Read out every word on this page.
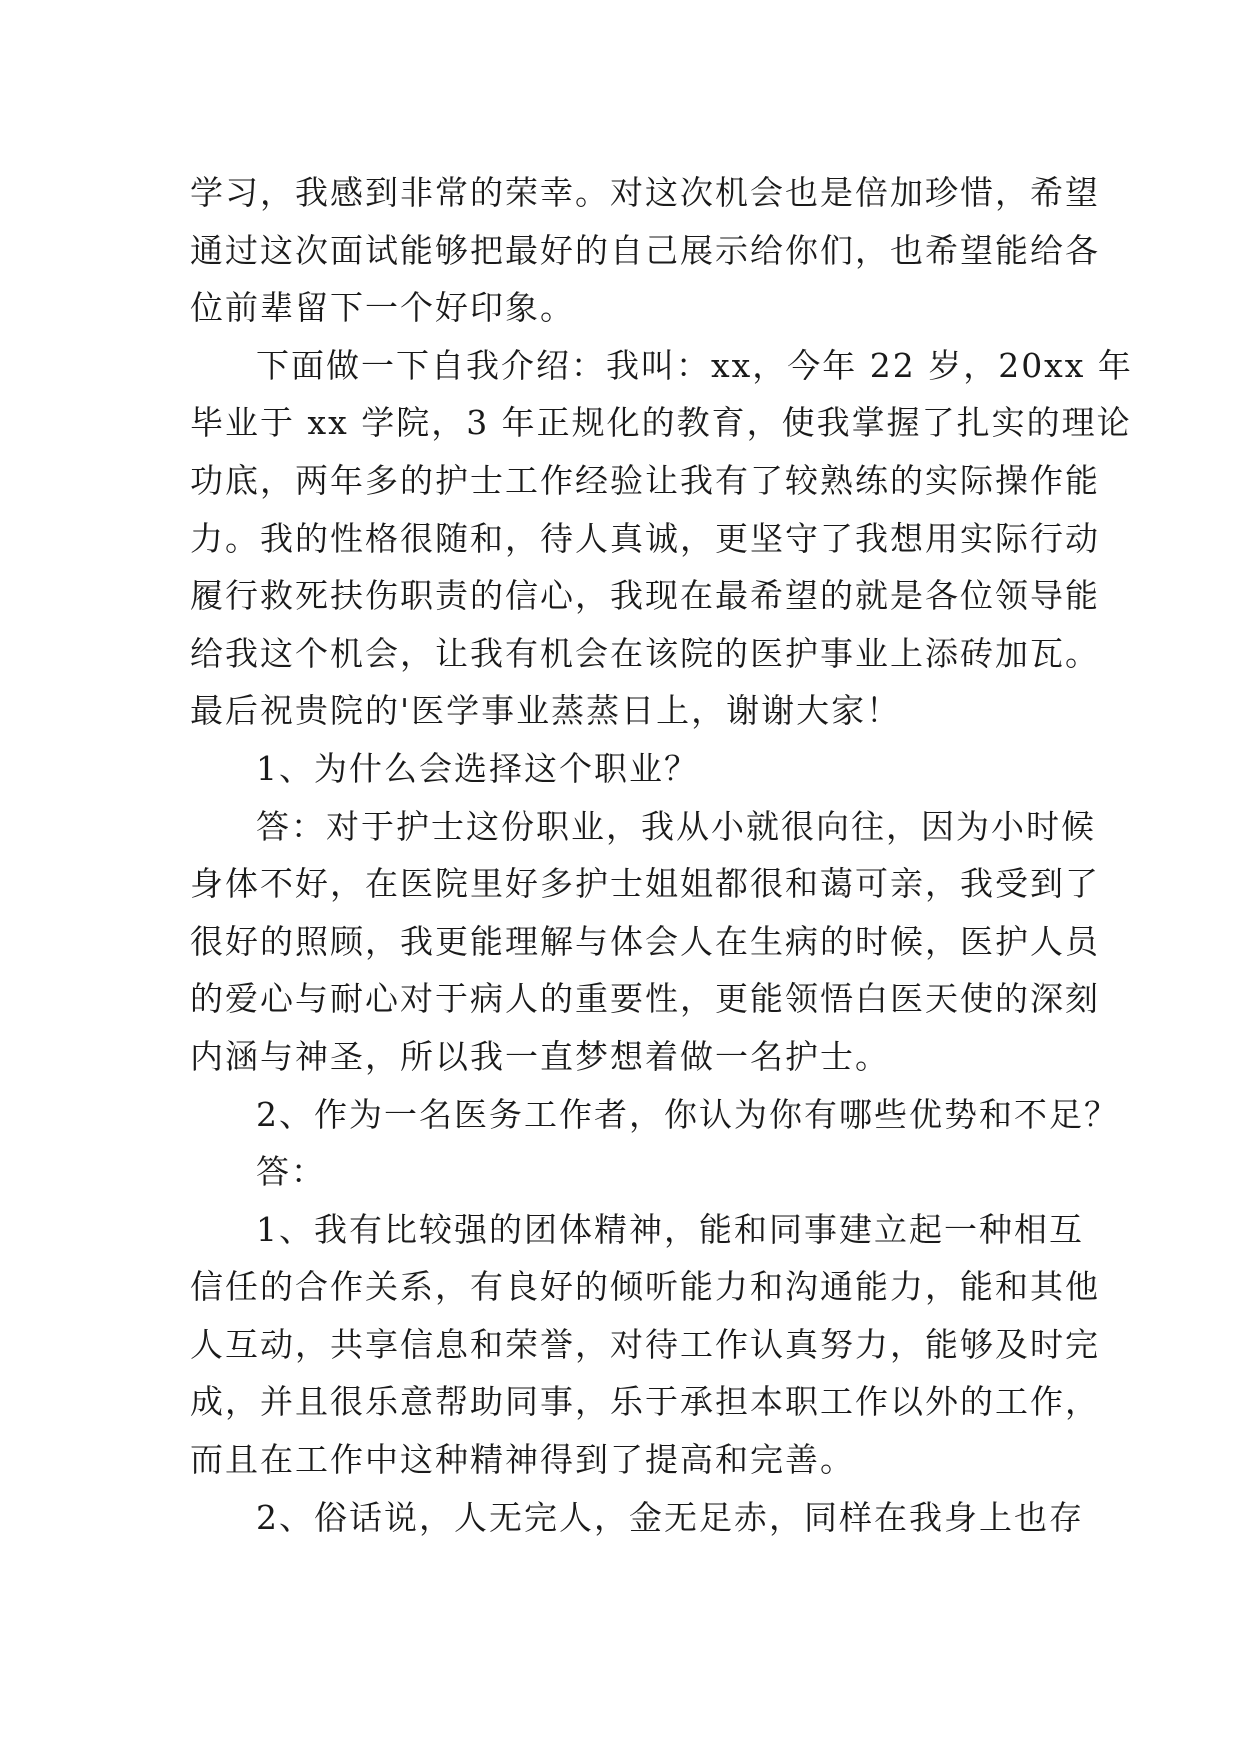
学习，我感到非常的荣幸。对这次机会也是倍加珍惜，希望
通过这次面试能够把最好的自己展示给你们，也希望能给各
位前辈留下一个好印象。
下面做一下自我介绍：我叫：xx，今年 22 岁，20xx 年
毕业于 xx 学院，3 年正规化的教育，使我掌握了扎实的理论
功底，两年多的护士工作经验让我有了较熟练的实际操作能
力。我的性格很随和，待人真诚，更坚守了我想用实际行动
履行救死扶伤职责的信心，我现在最希望的就是各位领导能
给我这个机会，让我有机会在该院的医护事业上添砖加瓦。
最后祝贵院的'医学事业蒸蒸日上，谢谢大家！
1、为什么会选择这个职业？
答：对于护士这份职业，我从小就很向往，因为小时候
身体不好，在医院里好多护士姐姐都很和蔼可亲，我受到了
很好的照顾，我更能理解与体会人在生病的时候，医护人员
的爱心与耐心对于病人的重要性，更能领悟白医天使的深刻
内涵与神圣，所以我一直梦想着做一名护士。
2、作为一名医务工作者，你认为你有哪些优势和不足？
答：
1、我有比较强的团体精神，能和同事建立起一种相互
信任的合作关系，有良好的倾听能力和沟通能力，能和其他
人互动，共享信息和荣誉，对待工作认真努力，能够及时完
成，并且很乐意帮助同事，乐于承担本职工作以外的工作，
而且在工作中这种精神得到了提高和完善。
2、俗话说，人无完人，金无足赤，同样在我身上也存
